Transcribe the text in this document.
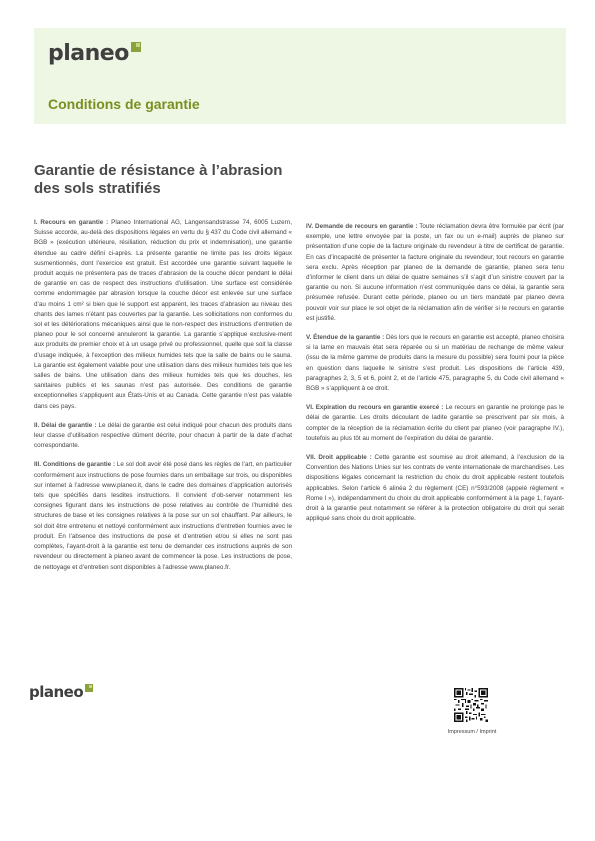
planeo
Conditions de garantie
Garantie de résistance à l’abrasion
des sols stratifiés

I. Recours en garantie : Planeo International AG, Langensandstrasse 74, 6005 Luzern, Suisse accorde, au-delà des dispositions légales en vertu du § 437 du Code civil allemand « BGB » (exécution ultérieure, résiliation, réduction du prix et indemnisation), une garantie étendue au cadre défini ci-après. La présente garantie ne limite pas les droits légaux susmentionnés, dont l’exercice est gratuit. Est accordée une garantie suivant laquelle le produit acquis ne présentera pas de traces d’abrasion de la couche décor pendant le délai de garantie en cas de respect des instructions d’utilisation. Une surface est considérée comme endommagée par abrasion lorsque la couche décor est enlevée sur une surface d’au moins 1 cm² si bien que le support est apparent, les traces d’abrasion au niveau des chants des lames n’étant pas couvertes par la garantie. Les sollicitations non conformes du sol et les détériorations mécaniques ainsi que le non-respect des instructions d’entretien de planeo pour le sol concerné annuleront la garantie. La garantie s’applique exclusive-ment aux produits de premier choix et à un usage privé ou professionnel, quelle que soit la classe d’usage indiquée, à l’exception des milieux humides tels que la salle de bains ou le sauna. La garantie est également valable pour une utilisation dans des milieux humides tels que les salles de bains. Une utilisation dans des milieux humides tels que les douches, les sanitaires publics et les saunas n’est pas autorisée. Des conditions de garantie exceptionnelles s’appliquent aux États-Unis et au Canada. Cette garantie n’est pas valable dans ces pays.

II. Délai de garantie : Le délai de garantie est celui indiqué pour chacun des produits dans leur classe d’utilisation respective dûment décrite, pour chacun à partir de la date d’achat correspondante.

III. Conditions de garantie : Le sol doit avoir été posé dans les règles de l’art, en particulier conformément aux instructions de pose fournies dans un emballage sur trois, ou disponibles sur internet à l’adresse www.planeo.it, dans le cadre des domaines d’application autorisés tels que spécifiés dans lesdites instructions. Il convient d’ob-server notamment les consignes figurant dans les instructions de pose relatives au contrôle de l’humidité des structures de base et les consignes relatives à la pose sur un sol chauffant. Par ailleurs, le sol doit être entretenu et nettoyé conformément aux instructions d’entretien fournies avec le produit. En l’absence des instructions de pose et d’entretien et/ou si elles ne sont pas complètes, l’ayant-droit à la garantie est tenu de demander ces instructions auprès de son revendeur ou directement à planeo avant de commencer la pose. Les instructions de pose, de nettoyage et d’entretien sont disponibles à l’adresse www.planeo.fr.

IV. Demande de recours en garantie : Toute réclamation devra être formulée par écrit (par exemple, une lettre envoyée par la poste, un fax ou un e-mail) auprès de planeo sur présentation d’une copie de la facture originale du revendeur à titre de certificat de garantie. En cas d’incapacité de présenter la facture originale du revendeur, tout recours en garantie sera exclu. Après réception par planeo de la demande de garantie, planeo sera tenu d’informer le client dans un délai de quatre semaines s’il s’agit d’un sinistre couvert par la garantie ou non. Si aucune information n’est communiquée dans ce délai, la garantie sera présumée refusée. Durant cette période, planeo ou un tiers mandaté par planeo devra pouvoir voir sur place le sol objet de la réclamation afin de vérifier si le recours en garantie est justifié.

V. Étendue de la garantie : Dès lors que le recours en garantie est accepté, planeo choisira si la lame en mauvais état sera réparée ou si un matériau de rechange de même valeur (issu de la même gamme de produits dans la mesure du possible) sera fourni pour la pièce en question dans laquelle le sinistre s’est produit. Les dispositions de l’article 439, paragraphes 2, 3, 5 et 6, point 2, et de l’article 475, paragraphe 5, du Code civil allemand « BGB » s’appliquent à ce droit.

VI. Expiration du recours en garantie exercé : Le recours en garantie ne prolonge pas le délai de garantie. Les droits découlant de ladite garantie se prescrivent par six mois, à compter de la réception de la réclamation écrite du client par planeo (voir paragraphe IV.), toutefois au plus tôt au moment de l’expiration du délai de garantie.

VII. Droit applicable : Cette garantie est soumise au droit allemand, à l’exclusion de la Convention des Nations Unies sur les contrats de vente internationale de marchandises. Les dispositions légales concernant la restriction du choix du droit applicable restent toutefois applicables. Selon l’article 6 alinéa 2 du règlement (CE) n°593/2008 (appelé règlement « Rome I »), indépendamment du choix du droit applicable conformément à la page 1, l’ayant-droit à la garantie peut notamment se référer à la protection obligatoire du droit qui serait appliqué sans choix du droit applicable.

planeo
Impressum / Imprint
